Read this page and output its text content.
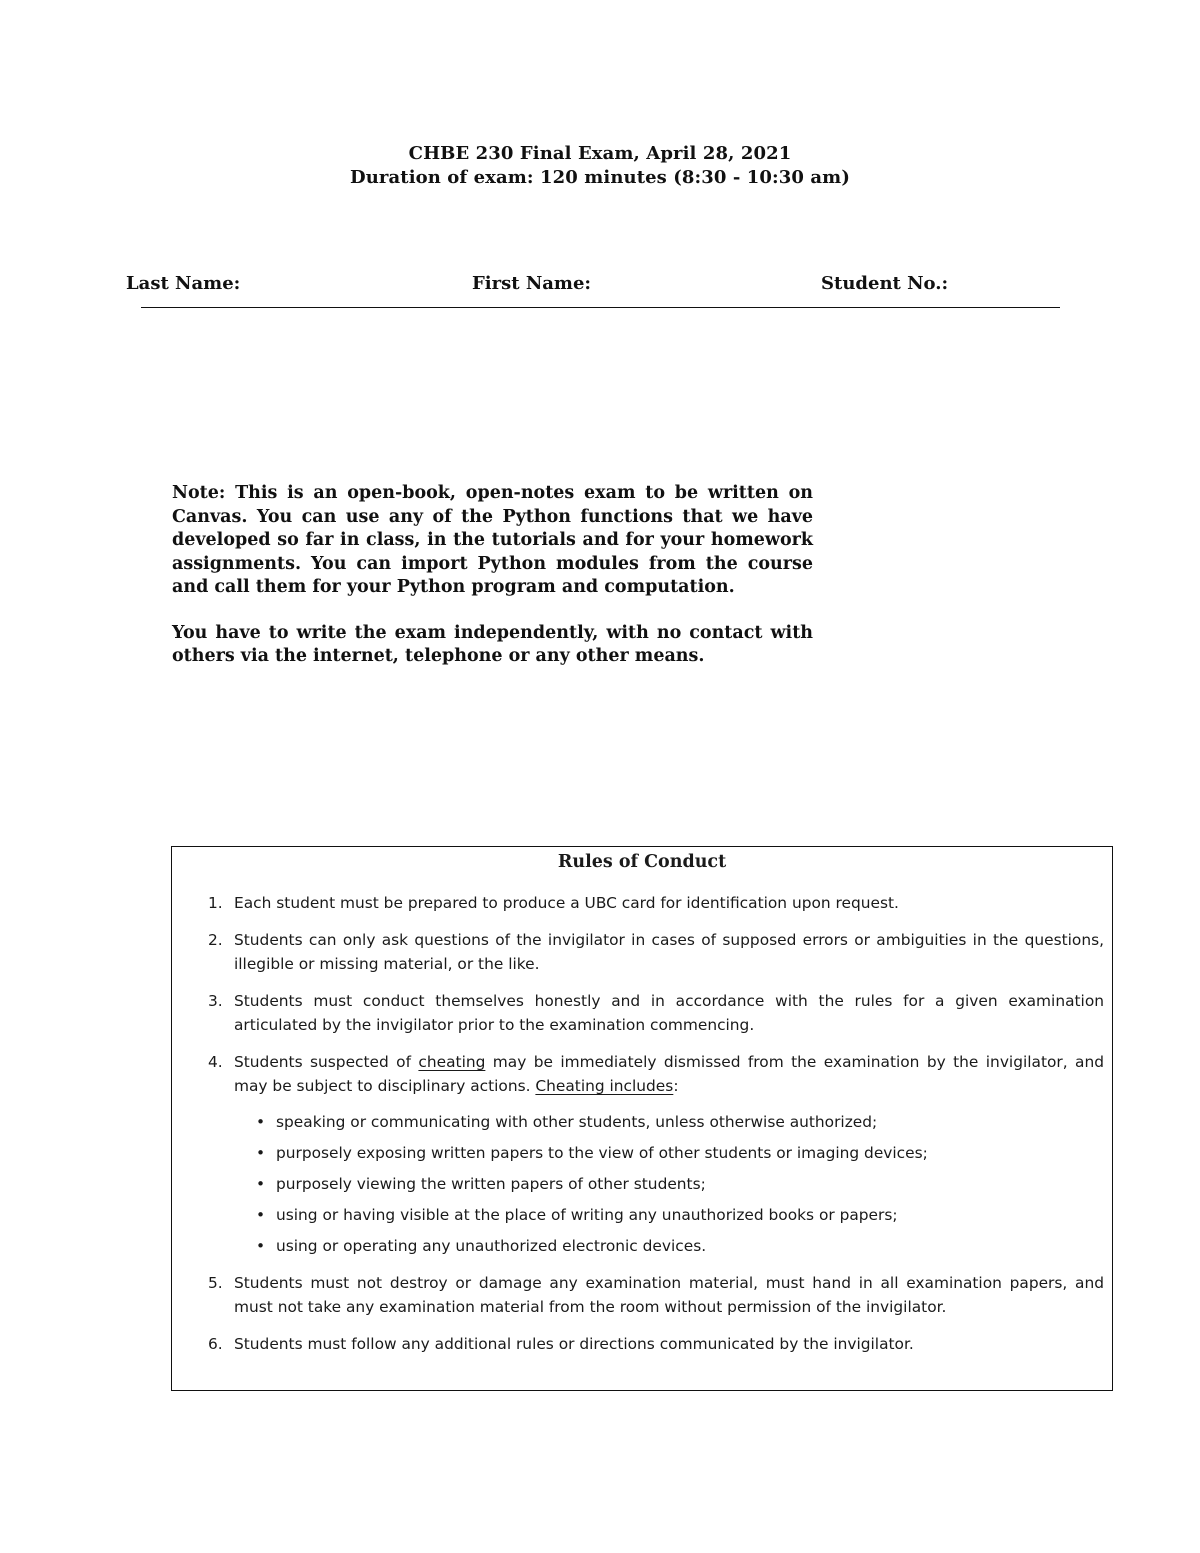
CHBE 230 Final Exam, April 28, 2021
Duration of exam: 120 minutes (8:30 - 10:30 am)
Last Name:	First Name:	Student No.:

Note: This is an open-book, open-notes exam to be written on Canvas. You can use any of the Python functions that we have developed so far in class, in the tutorials and for your homework assignments. You can import Python modules from the course and call them for your Python program and computation.

You have to write the exam independently, with no contact with others via the internet, telephone or any other means.

Rules of Conduct
1. Each student must be prepared to produce a UBC card for identification upon request.
2. Students can only ask questions of the invigilator in cases of supposed errors or ambiguities in the questions, illegible or missing material, or the like.
3. Students must conduct themselves honestly and in accordance with the rules for a given examination articulated by the invigilator prior to the examination commencing.
4. Students suspected of cheating may be immediately dismissed from the examination by the invigilator, and may be subject to disciplinary actions. Cheating includes:
• speaking or communicating with other students, unless otherwise authorized;
• purposely exposing written papers to the view of other students or imaging devices;
• purposely viewing the written papers of other students;
• using or having visible at the place of writing any unauthorized books or papers;
• using or operating any unauthorized electronic devices.
5. Students must not destroy or damage any examination material, must hand in all examination papers, and must not take any examination material from the room without permission of the invigilator.
6. Students must follow any additional rules or directions communicated by the invigilator.
